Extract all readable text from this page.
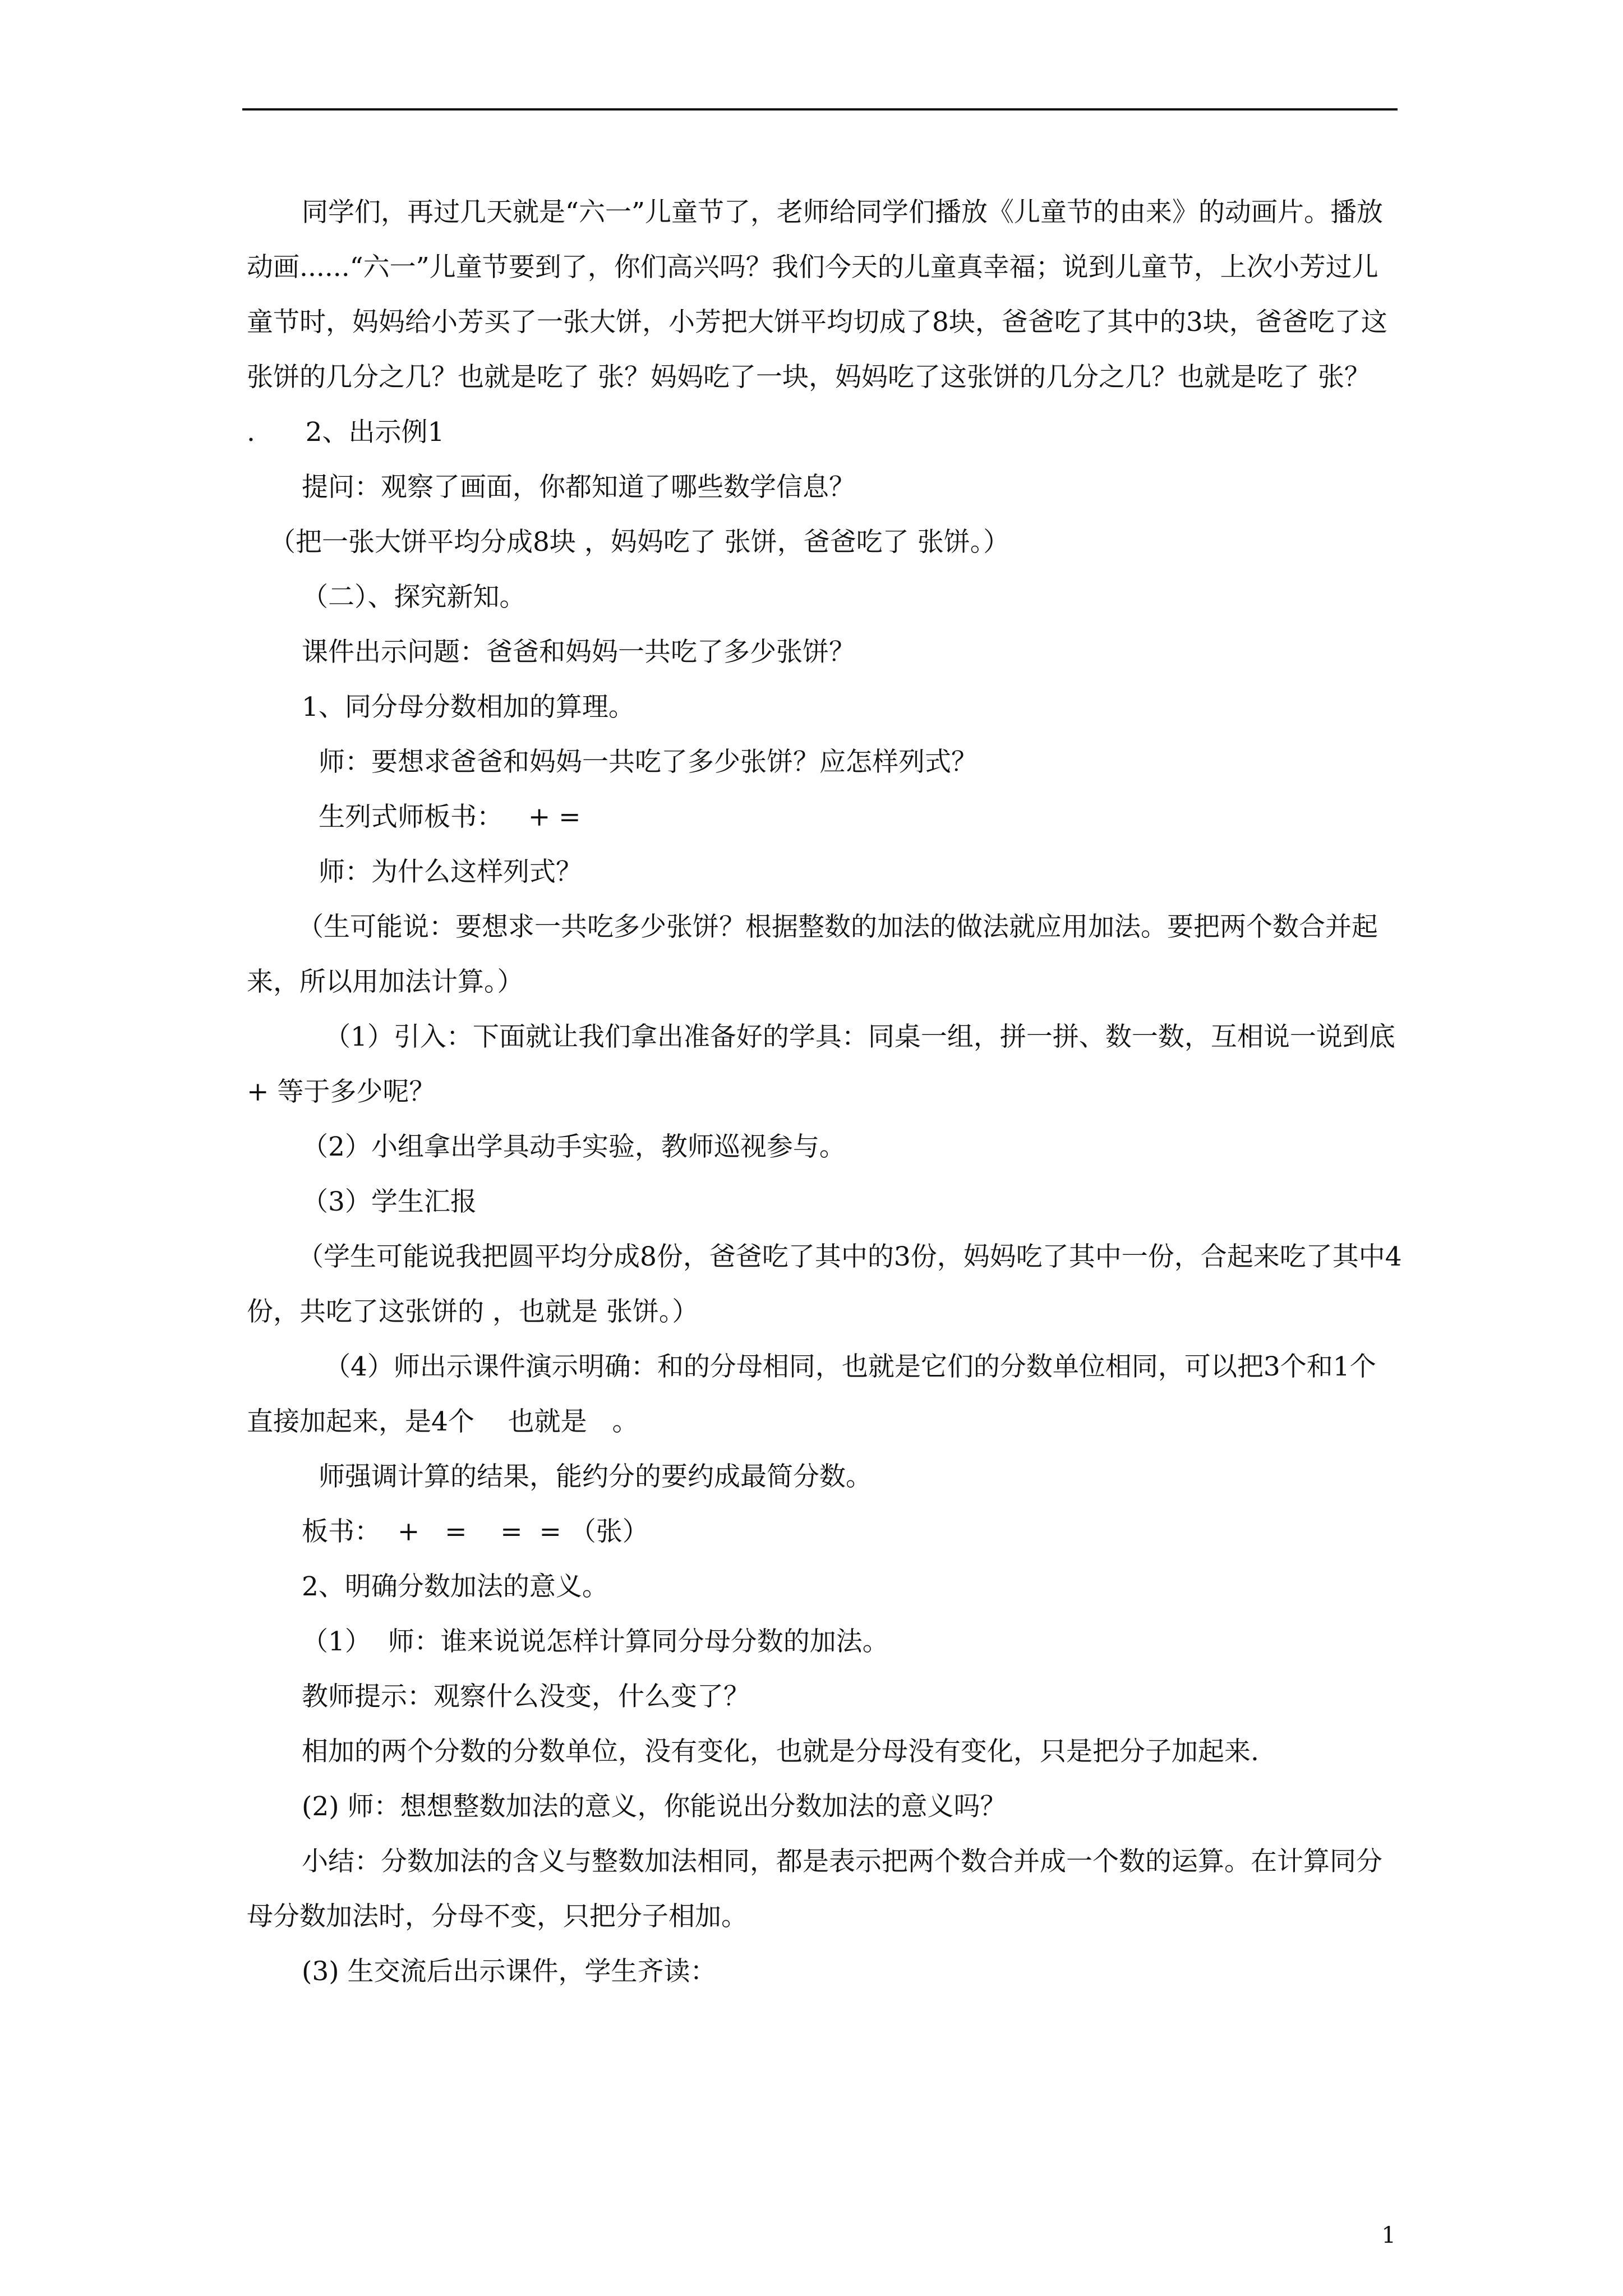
同学们，再过几天就是“六一”儿童节了，老师给同学们播放《儿童节的由来》的动画片。播放动画......“六一”儿童节要到了，你们高兴吗？我们今天的儿童真幸福；说到儿童节，上次小芳过儿童节时，妈妈给小芳买了一张大饼，小芳把大饼平均切成了8块，爸爸吃了其中的3块，爸爸吃了这张饼的几分之几？也就是吃了 张？妈妈吃了一块，妈妈吃了这张饼的几分之几？也就是吃了 张？

.      2、出示例1

提问：观察了画面，你都知道了哪些数学信息？

（把一张大饼平均分成8块 ，妈妈吃了 张饼，爸爸吃了 张饼。）

（二）、探究新知。

课件出示问题：爸爸和妈妈一共吃了多少张饼？

1、同分母分数相加的算理。

师：要想求爸爸和妈妈一共吃了多少张饼？应怎样列式？

生列式师板书：   + =

师：为什么这样列式？

（生可能说：要想求一共吃多少张饼？根据整数的加法的做法就应用加法。要把两个数合并起来，所以用加法计算。）

（1）引入：下面就让我们拿出准备好的学具：同桌一组，拼一拼、数一数，互相说一说到底 + 等于多少呢？

（2）小组拿出学具动手实验，教师巡视参与。

（3）学生汇报

（学生可能说我把圆平均分成8份，爸爸吃了其中的3份，妈妈吃了其中一份，合起来吃了其中4份，共吃了这张饼的 ，也就是 张饼。）

（4）师出示课件演示明确：和的分母相同，也就是它们的分数单位相同，可以把3个和1个 直接加起来，是4个    也就是   。

师强调计算的结果，能约分的要约成最简分数。

板书：  +   =    =  = （张）

2、明确分数加法的意义。

（1）  师：谁来说说怎样计算同分母分数的加法。

教师提示：观察什么没变，什么变了？

相加的两个分数的分数单位，没有变化，也就是分母没有变化，只是把分子加起来.

(2) 师：想想整数加法的意义，你能说出分数加法的意义吗？

小结：分数加法的含义与整数加法相同，都是表示把两个数合并成一个数的运算。在计算同分母分数加法时，分母不变，只把分子相加。

(3) 生交流后出示课件，学生齐读：

1
